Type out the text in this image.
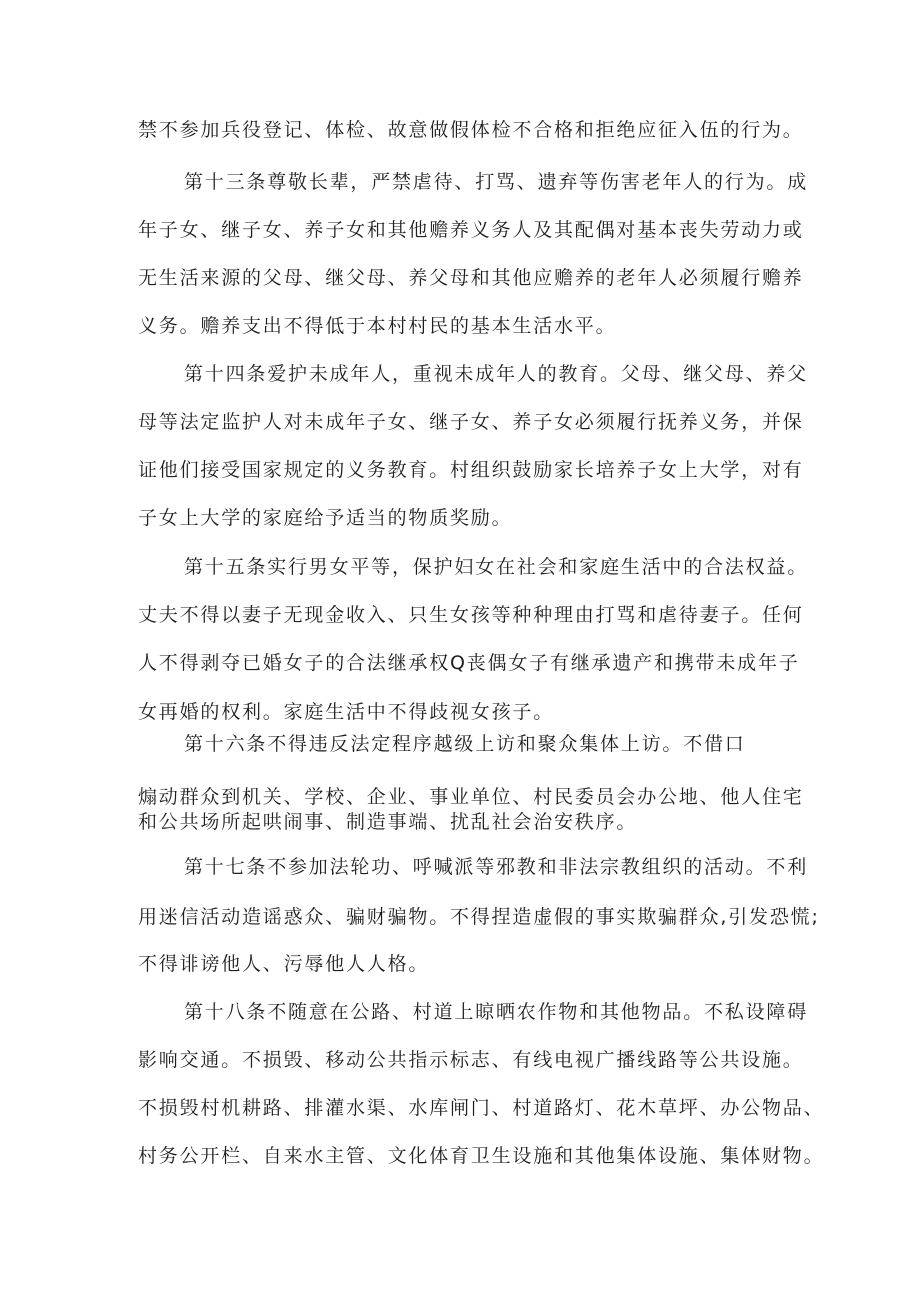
禁不参加兵役登记、体检、故意做假体检不合格和拒绝应征入伍的行为。
第十三条尊敬长辈，严禁虐待、打骂、遗弃等伤害老年人的行为。成
年子女、继子女、养子女和其他赡养义务人及其配偶对基本丧失劳动力或
无生活来源的父母、继父母、养父母和其他应赡养的老年人必须履行赡养
义务。赡养支出不得低于本村村民的基本生活水平。
第十四条爱护未成年人，重视未成年人的教育。父母、继父母、养父
母等法定监护人对未成年子女、继子女、养子女必须履行抚养义务，并保
证他们接受国家规定的义务教育。村组织鼓励家长培养子女上大学，对有
子女上大学的家庭给予适当的物质奖励。
第十五条实行男女平等，保护妇女在社会和家庭生活中的合法权益。
丈夫不得以妻子无现金收入、只生女孩等种种理由打骂和虐待妻子。任何
人不得剥夺已婚女子的合法继承权Q丧偶女子有继承遗产和携带未成年子
女再婚的权利。家庭生活中不得歧视女孩子。
第十六条不得违反法定程序越级上访和聚众集体上访。不借口
煽动群众到机关、学校、企业、事业单位、村民委员会办公地、他人住宅
和公共场所起哄闹事、制造事端、扰乱社会治安秩序。
第十七条不参加法轮功、呼喊派等邪教和非法宗教组织的活动。不利
用迷信活动造谣惑众、骗财骗物。不得捏造虚假的事实欺骗群众,引发恐慌;
不得诽谤他人、污辱他人人格。
第十八条不随意在公路、村道上晾晒农作物和其他物品。不私设障碍
影响交通。不损毁、移动公共指示标志、有线电视广播线路等公共设施。
不损毁村机耕路、排灌水渠、水库闸门、村道路灯、花木草坪、办公物品、
村务公开栏、自来水主管、文化体育卫生设施和其他集体设施、集体财物。
